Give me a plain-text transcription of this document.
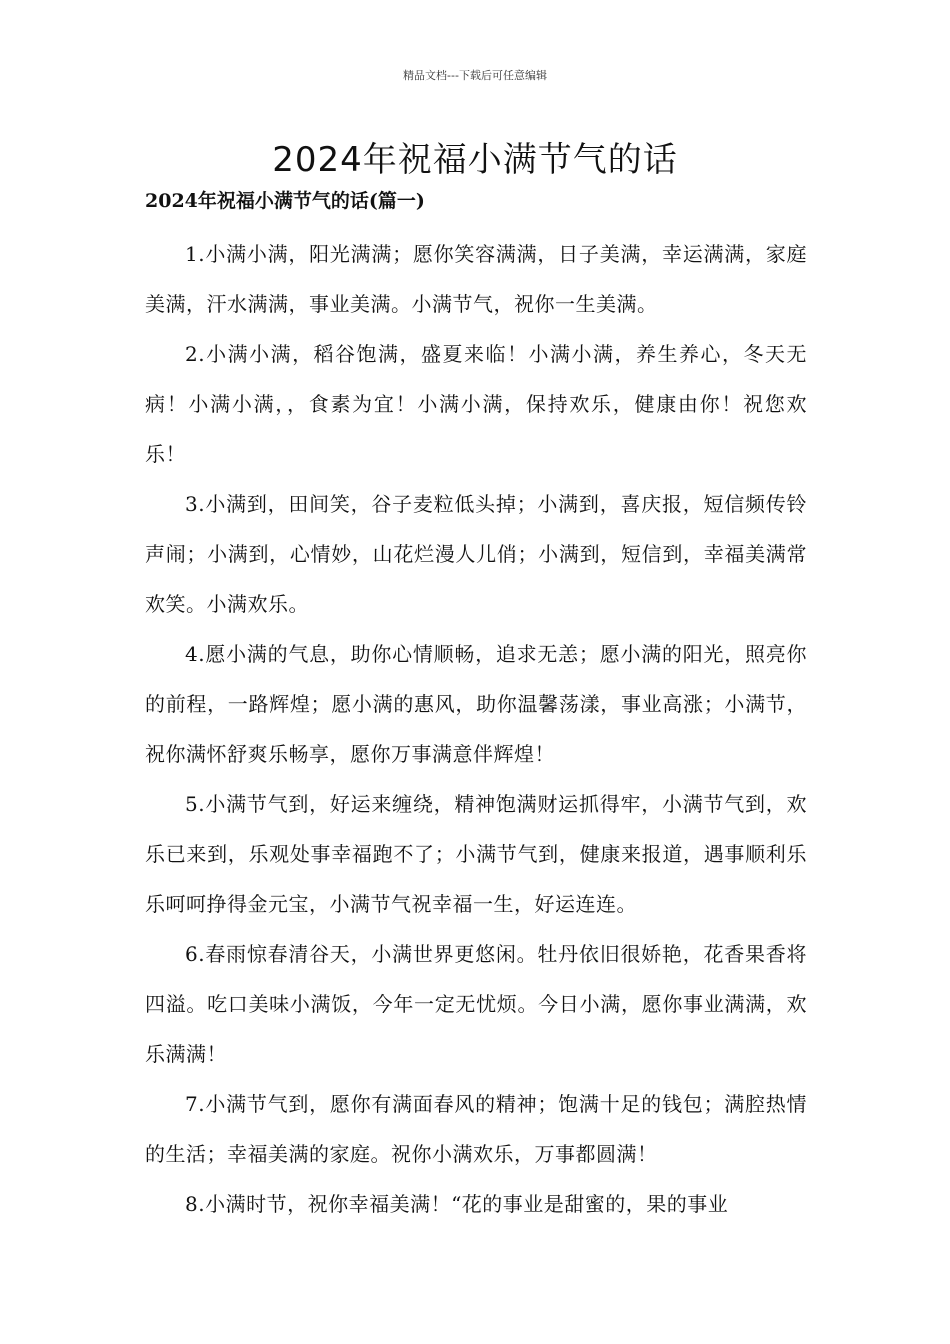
精品文档---下载后可任意编辑
2024年祝福小满节气的话
2024年祝福小满节气的话(篇一)

1.小满小满，阳光满满；愿你笑容满满，日子美满，幸运满满，家庭美满，汗水满满，事业美满。小满节气，祝你一生美满。

2.小满小满，稻谷饱满，盛夏来临！小满小满，养生养心，冬天无病！小满小满，，食素为宜！小满小满，保持欢乐，健康由你！祝您欢乐！

3.小满到，田间笑，谷子麦粒低头掉；小满到，喜庆报，短信频传铃声闹；小满到，心情妙，山花烂漫人儿俏；小满到，短信到，幸福美满常欢笑。小满欢乐。

4.愿小满的气息，助你心情顺畅，追求无恙；愿小满的阳光，照亮你的前程，一路辉煌；愿小满的惠风，助你温馨荡漾，事业高涨；小满节，祝你满怀舒爽乐畅享，愿你万事满意伴辉煌！

5.小满节气到，好运来缠绕，精神饱满财运抓得牢，小满节气到，欢乐已来到，乐观处事幸福跑不了；小满节气到，健康来报道，遇事顺利乐乐呵呵挣得金元宝，小满节气祝幸福一生，好运连连。

6.春雨惊春清谷天，小满世界更悠闲。牡丹依旧很娇艳，花香果香将四溢。吃口美味小满饭，今年一定无忧烦。今日小满，愿你事业满满，欢乐满满！

7.小满节气到，愿你有满面春风的精神；饱满十足的钱包；满腔热情的生活；幸福美满的家庭。祝你小满欢乐，万事都圆满！

8.小满时节，祝你幸福美满！“花的事业是甜蜜的，果的事业
